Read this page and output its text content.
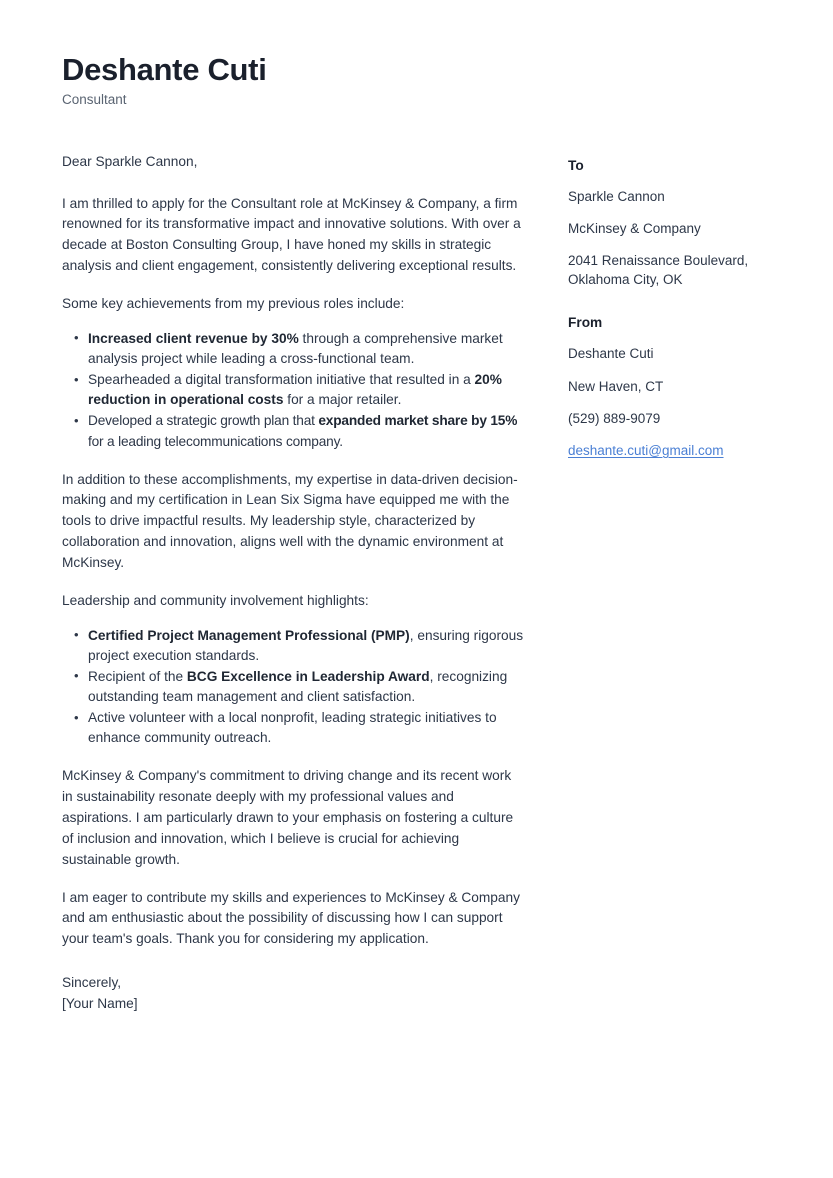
Deshante Cuti
Consultant

Dear Sparkle Cannon,

I am thrilled to apply for the Consultant role at McKinsey & Company, a firm renowned for its transformative impact and innovative solutions. With over a decade at Boston Consulting Group, I have honed my skills in strategic analysis and client engagement, consistently delivering exceptional results.

Some key achievements from my previous roles include:

• Increased client revenue by 30% through a comprehensive market analysis project while leading a cross-functional team.
• Spearheaded a digital transformation initiative that resulted in a 20% reduction in operational costs for a major retailer.
• Developed a strategic growth plan that expanded market share by 15% for a leading telecommunications company.

In addition to these accomplishments, my expertise in data-driven decision-making and my certification in Lean Six Sigma have equipped me with the tools to drive impactful results. My leadership style, characterized by collaboration and innovation, aligns well with the dynamic environment at McKinsey.

Leadership and community involvement highlights:

• Certified Project Management Professional (PMP), ensuring rigorous project execution standards.
• Recipient of the BCG Excellence in Leadership Award, recognizing outstanding team management and client satisfaction.
• Active volunteer with a local nonprofit, leading strategic initiatives to enhance community outreach.

McKinsey & Company's commitment to driving change and its recent work in sustainability resonate deeply with my professional values and aspirations. I am particularly drawn to your emphasis on fostering a culture of inclusion and innovation, which I believe is crucial for achieving sustainable growth.

I am eager to contribute my skills and experiences to McKinsey & Company and am enthusiastic about the possibility of discussing how I can support your team's goals. Thank you for considering my application.

Sincerely,
[Your Name]
To
Sparkle Cannon
McKinsey & Company
2041 Renaissance Boulevard, Oklahoma City, OK
From
Deshante Cuti
New Haven, CT
(529) 889-9079
deshante.cuti@gmail.com
